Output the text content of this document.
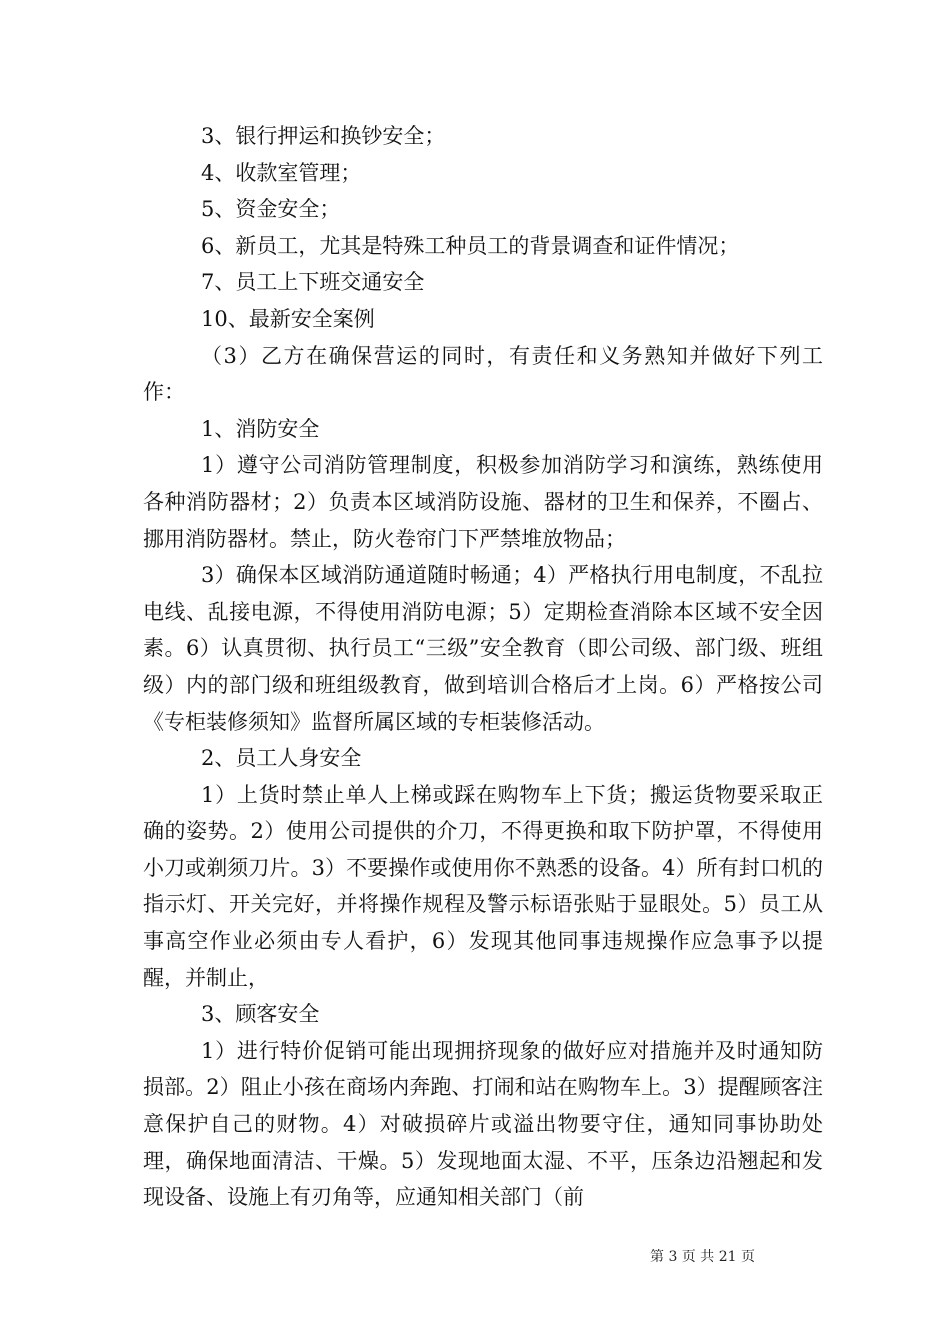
3、银行押运和换钞安全；

4、收款室管理；

5、资金安全；

6、新员工，尤其是特殊工种员工的背景调查和证件情况；

7、员工上下班交通安全

10、最新安全案例

（3）乙方在确保营运的同时，有责任和义务熟知并做好下列工作：

1、消防安全

1）遵守公司消防管理制度，积极参加消防学习和演练，熟练使用各种消防器材；2）负责本区域消防设施、器材的卫生和保养，不圈占、挪用消防器材。禁止，防火卷帘门下严禁堆放物品；

3）确保本区域消防通道随时畅通；4）严格执行用电制度，不乱拉电线、乱接电源，不得使用消防电源；5）定期检查消除本区域不安全因素。6）认真贯彻、执行员工“三级”安全教育（即公司级、部门级、班组级）内的部门级和班组级教育，做到培训合格后才上岗。6）严格按公司《专柜装修须知》监督所属区域的专柜装修活动。

2、员工人身安全

1）上货时禁止单人上梯或踩在购物车上下货；搬运货物要采取正确的姿势。2）使用公司提供的介刀，不得更换和取下防护罩，不得使用小刀或剃须刀片。3）不要操作或使用你不熟悉的设备。4）所有封口机的指示灯、开关完好，并将操作规程及警示标语张贴于显眼处。5）员工从事高空作业必须由专人看护，6）发现其他同事违规操作应急事予以提醒，并制止，

3、顾客安全

1）进行特价促销可能出现拥挤现象的做好应对措施并及时通知防损部。2）阻止小孩在商场内奔跑、打闹和站在购物车上。3）提醒顾客注意保护自己的财物。4）对破损碎片或溢出物要守住，通知同事协助处理，确保地面清洁、干燥。5）发现地面太湿、不平，压条边沿翘起和发现设备、设施上有刃角等，应通知相关部门（前

第 3 页 共 21 页
